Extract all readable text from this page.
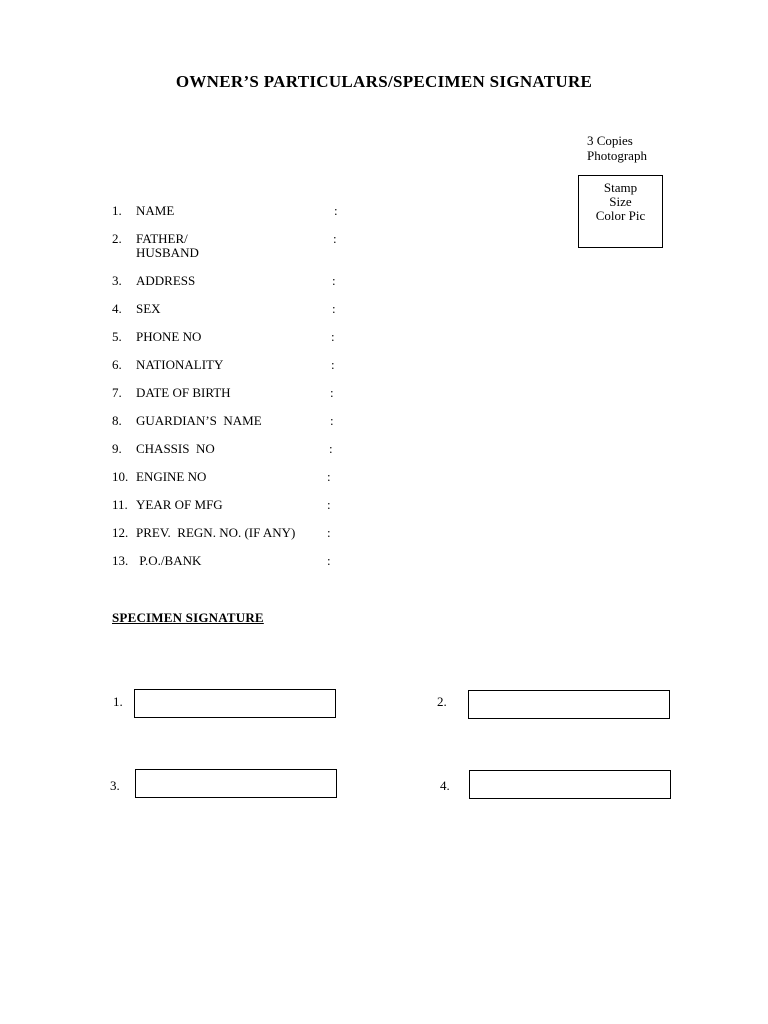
OWNER’S PARTICULARS/SPECIMEN SIGNATURE
3 Copies
Photograph
Stamp
Size
Color Pic
1. NAME	:
2. FATHER/
HUSBAND
:
3. ADDRESS	:
4. SEX	:
5. PHONE NO	:
6. NATIONALITY	:
7. DATE OF BIRTH	:
8. GUARDIAN’S  NAME	:
9. CHASSIS  NO	:
10. ENGINE NO	:
11. YEAR OF MFG	:
12. PREV.  REGN. NO. (IF ANY) :
13. P.O./BANK	:
SPECIMEN SIGNATURE
1.	2.
3.	4.
